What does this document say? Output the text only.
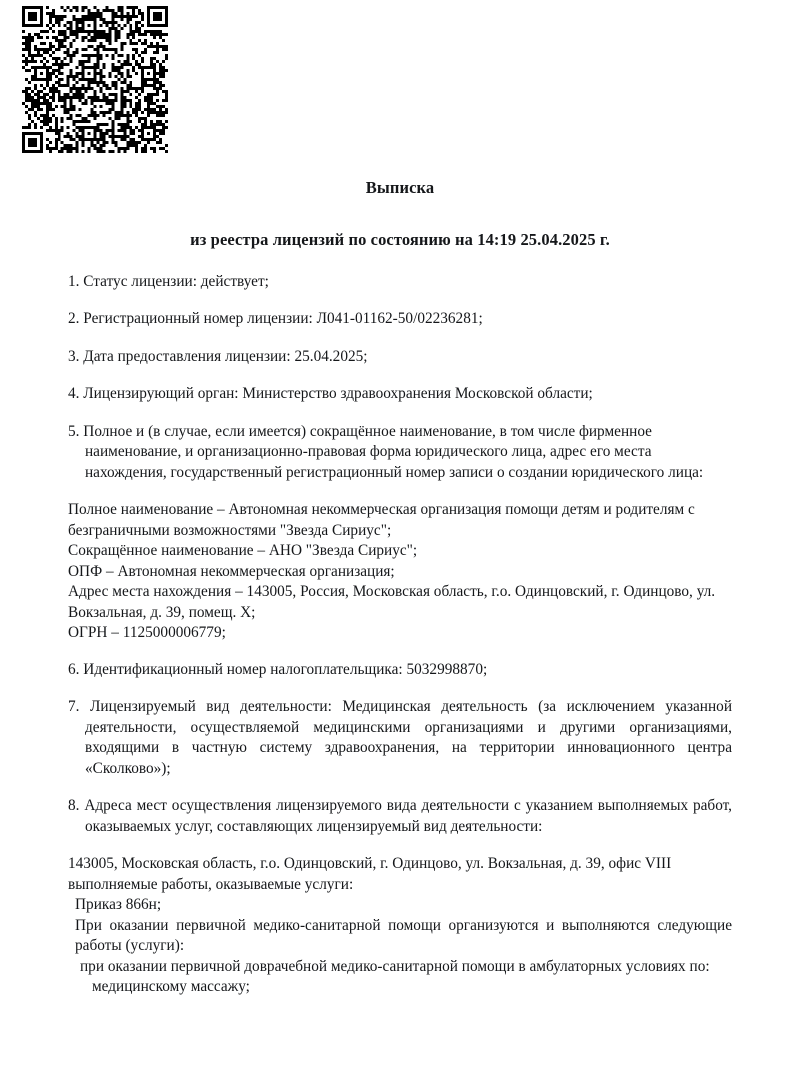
Выписка
из реестра лицензий по состоянию на 14:19 25.04.2025 г.

1. Статус лицензии: действует;

2. Регистрационный номер лицензии: Л041-01162-50/02236281;

3. Дата предоставления лицензии: 25.04.2025;

4. Лицензирующий орган: Министерство здравоохранения Московской области;

5. Полное и (в случае, если имеется) сокращённое наименование, в том числе фирменное наименование, и организационно-правовая форма юридического лица, адрес его места нахождения, государственный регистрационный номер записи о создании юридического лица:

Полное наименование – Автономная некоммерческая организация помощи детям и родителям с безграничными возможностями "Звезда Сириус";

Сокращённое наименование – АНО "Звезда Сириус";

ОПФ – Автономная некоммерческая организация;

Адрес места нахождения – 143005, Россия, Московская область, г.о. Одинцовский, г. Одинцово, ул. Вокзальная, д. 39, помещ. X;

ОГРН – 1125000006779;

6. Идентификационный номер налогоплательщика: 5032998870;

7. Лицензируемый вид деятельности: Медицинская деятельность (за исключением указанной деятельности, осуществляемой медицинскими организациями и другими организациями, входящими в частную систему здравоохранения, на территории инновационного центра «Сколково»);

8. Адреса мест осуществления лицензируемого вида деятельности с указанием выполняемых работ, оказываемых услуг, составляющих лицензируемый вид деятельности:

143005, Московская область, г.о. Одинцовский, г. Одинцово, ул. Вокзальная, д. 39, офис VIII

выполняемые работы, оказываемые услуги:

Приказ 866н;

При оказании первичной медико-санитарной помощи организуются и выполняются следующие работы (услуги):

при оказании первичной доврачебной медико-санитарной помощи в амбулаторных условиях по:

медицинскому массажу;
